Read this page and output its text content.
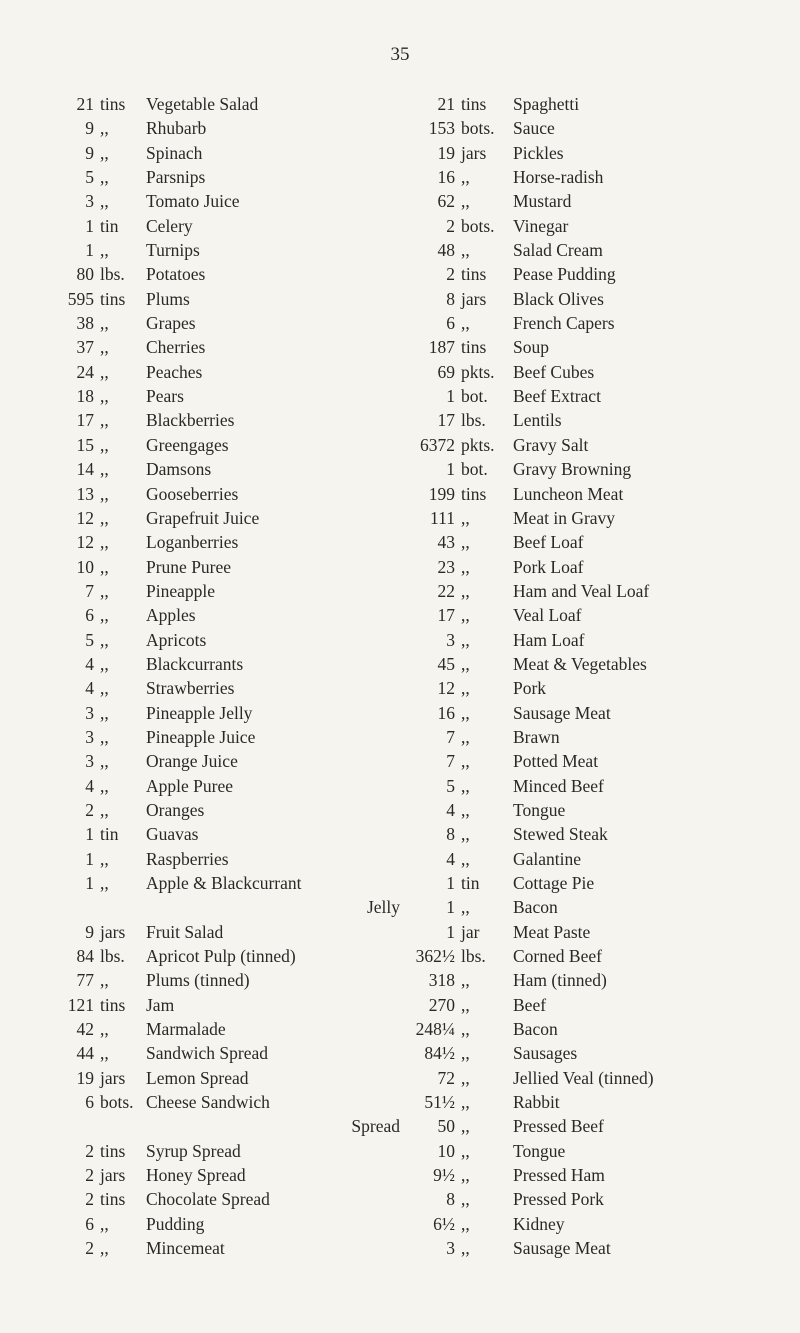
35
21 tins	Vegetable Salad
9 ,,	Rhubarb
9 ,,	Spinach
5 ,,	Parsnips
3 ,,	Tomato Juice
1 tin	Celery
1 ,,	Turnips
80 lbs.	Potatoes
595 tins	Plums
38 ,,	Grapes
37 ,,	Cherries
24 ,,	Peaches
18 ,,	Pears
17 ,,	Blackberries
15 ,,	Greengages
14 ,,	Damsons
13 ,,	Gooseberries
12 ,,	Grapefruit Juice
12 ,,	Loganberries
10 ,,	Prune Puree
7 ,,	Pineapple
6 ,,	Apples
5 ,,	Apricots
4 ,,	Blackcurrants
4 ,,	Strawberries
3 ,,	Pineapple Jelly
3 ,,	Pineapple Juice
3 ,,	Orange Juice
4 ,,	Apple Puree
2 ,,	Oranges
1 tin	Guavas
1 ,,	Raspberries
1 ,,	Apple & Blackcurrant
Jelly
9 jars	Fruit Salad
84 lbs.	Apricot Pulp (tinned)
77 ,,	Plums (tinned)
121 tins	Jam
42 ,,	Marmalade
44 ,,	Sandwich Spread
19 jars	Lemon Spread
6 bots. Cheese Sandwich
Spread
2 tins	Syrup Spread
2 jars	Honey Spread
2 tins	Chocolate Spread
6 ,,	Pudding
2 ,,	Mincemeat
21 tins	Spaghetti
153 bots.	Sauce
19 jars	Pickles
16 ,,	Horse-radish
62 ,,	Mustard
2 bots.	Vinegar
48 ,,	Salad Cream
2 tins	Pease Pudding
8 jars	Black Olives
6 ,,	French Capers
187 tins	Soup
69 pkts.	Beef Cubes
1 bot.	Beef Extract
17 lbs.	Lentils
6372 pkts.	Gravy Salt
1 bot.	Gravy Browning
199 tins	Luncheon Meat
111 ,,	Meat in Gravy
43 ,,	Beef Loaf
23 ,,	Pork Loaf
22 ,,	Ham and Veal Loaf
17 ,,	Veal Loaf
3 ,,	Ham Loaf
45 ,,	Meat & Vegetables
12 ,,	Pork
16 ,,	Sausage Meat
7 ,,	Brawn
7 ,,	Potted Meat
5 ,,	Minced Beef
4 ,,	Tongue
8 ,,	Stewed Steak
4 ,,	Galantine
1 tin	Cottage Pie
1 ,,	Bacon
1 jar	Meat Paste
362½ lbs.	Corned Beef
318 ,,	Ham (tinned)
270 ,,	Beef
248¼ ,,	Bacon
84½ ,,	Sausages
72 ,,	Jellied Veal (tinned)
51½ ,,	Rabbit
50 ,,	Pressed Beef
10 ,,	Tongue
9½ ,,	Pressed Ham
8 ,,	Pressed Pork
6½ ,,	Kidney
3 ,,	Sausage Meat
